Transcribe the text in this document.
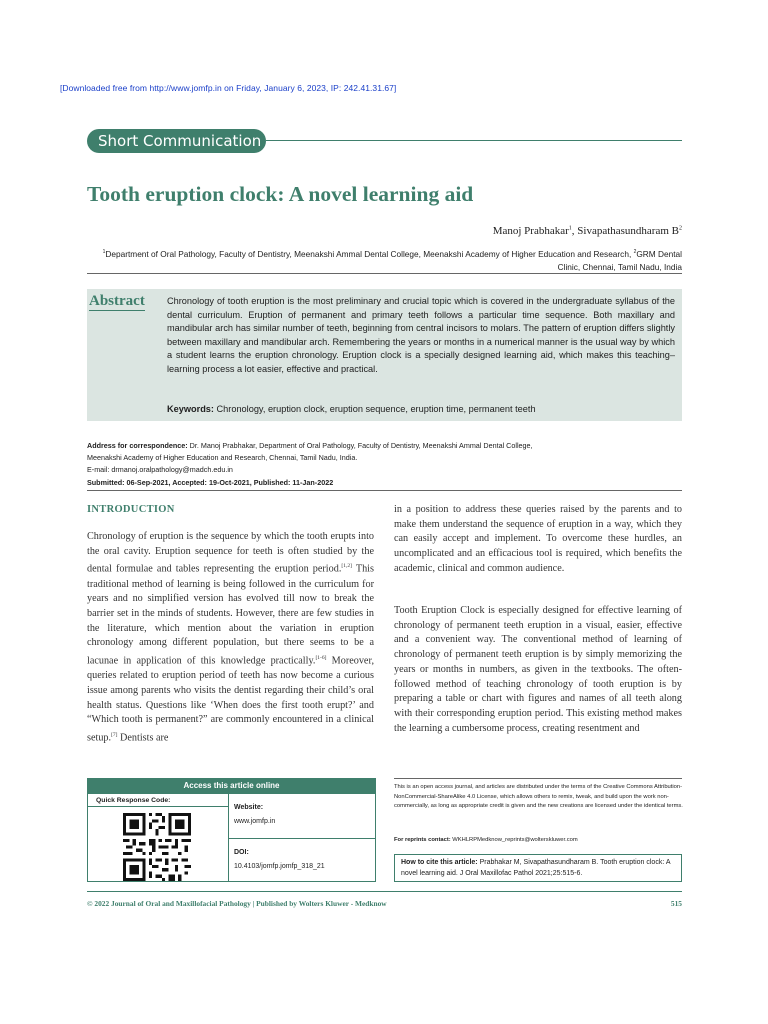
[Downloaded free from http://www.jomfp.in on Friday, January 6, 2023, IP: 242.41.31.67]
Short Communication
Tooth eruption clock: A novel learning aid
Manoj Prabhakar$^1$, Sivapathasundharam $B^2$
$^1$Department of Oral Pathology, Faculty of Dentistry, Meenakshi Ammal Dental College, Meenakshi Academy of Higher Education and Research, $^2$GRM Dental Clinic, Chennai, Tamil Nadu, India
Abstract Chronology of tooth eruption is the most preliminary and crucial topic which is covered in the undergraduate syllabus of the dental curriculum. Eruption of permanent and primary teeth follows a particular time sequence. Both maxillary and mandibular arch has similar number of teeth, beginning from central incisors to molars. The pattern of eruption differs slightly between maxillary and mandibular arch. Remembering the years or months in a numerical manner is the usual way by which a student learns the eruption chronology. Eruption clock is a specially designed learning aid, which makes this teaching–learning process a lot easier, effective and practical.
Keywords: Chronology, eruption clock, eruption sequence, eruption time, permanent teeth
Address for correspondence: Dr. Manoj Prabhakar, Department of Oral Pathology, Faculty of Dentistry, Meenakshi Ammal Dental College,
Meenakshi Academy of Higher Education and Research, Chennai, Tamil Nadu, India.
E-mail: drmanoj.oralpathology@madch.edu.in
Submitted: 06-Sep-2021, Accepted: 19-Oct-2021, Published: 11-Jan-2022
INTRODUCTION
Chronology of eruption is the sequence by which the tooth erupts into the oral cavity. Eruption sequence for teeth is often studied by the dental formulae and tables representing the eruption period.[1,2] This traditional method of learning is being followed in the curriculum for years and no simplified version has evolved till now to break the barrier set in the minds of students. However, there are few studies in the literature, which mention about the variation in eruption chronology among different population, but there seems to be a lacunae in application of this knowledge practically.[1-6] Moreover, queries related to eruption period of teeth has now become a curious issue among parents who visits the dentist regarding their child’s oral health status. Questions like ‘When does the first tooth erupt?’ and “Which tooth is permanent?” are commonly encountered in a clinical setup.[7] Dentists are
in a position to address these queries raised by the parents and to make them understand the sequence of eruption in a way, which they can easily accept and implement. To overcome these hurdles, an uncomplicated and an efficacious tool is required, which benefits the academic, clinical and common audience.
Tooth Eruption Clock is especially designed for effective learning of chronology of permanent teeth eruption in a visual, easier, effective and a convenient way. The conventional method of learning of chronology of permanent teeth eruption is by simply memorizing the years or months in numbers, as given in the textbooks. The often-followed method of teaching chronology of tooth eruption is by preparing a table or chart with figures and names of all teeth along with their corresponding eruption period. This existing method makes the learning a cumbersome process, creating resentment and
Access this article online
Quick Response Code:
Website:
www.jomfp.in
DOI:
10.4103/jomfp.jomfp_318_21
This is an open access journal, and articles are distributed under the terms of the Creative Commons Attribution-NonCommercial-ShareAlike 4.0 License, which allows others to remix, tweak, and build upon the work non-commercially, as long as appropriate credit is given and the new creations are licensed under the identical terms.
For reprints contact: WKHLRPMedknow_reprints@wolterskluwer.com
How to cite this article: Prabhakar M, Sivapathasundharam B. Tooth eruption clock: A novel learning aid. J Oral Maxillofac Pathol 2021;25:515-6.
© 2022 Journal of Oral and Maxillofacial Pathology | Published by Wolters Kluwer - Medknow	515
